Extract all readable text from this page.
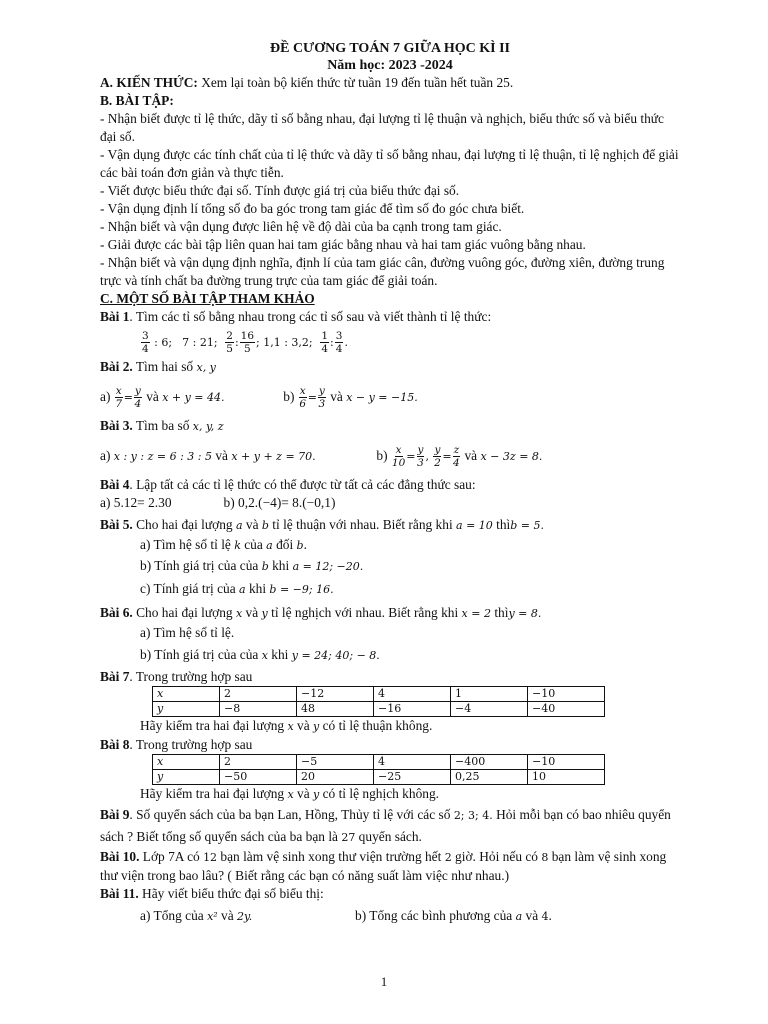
ĐỀ CƯƠNG TOÁN 7 GIỮA HỌC KÌ II
Năm học: 2023 -2024
A. KIẾN THỨC: Xem lại toàn bộ kiến thức từ tuần 19 đến tuần hết tuần 25.
B. BÀI TẬP:
- Nhận biết được tỉ lệ thức, dãy tỉ số bằng nhau, đại lượng tỉ lệ thuận và nghịch, biểu thức số và biểu thức đại số.
- Vận dụng được các tính chất của tỉ lệ thức và dãy tỉ số bằng nhau, đại lượng tỉ lệ thuận, tỉ lệ nghịch để giải các bài toán đơn giản và thực tiễn.
- Viết được biểu thức đại số. Tính được giá trị của biểu thức đại số.
- Vận dụng định lí tổng số đo ba góc trong tam giác để tìm số đo góc chưa biết.
- Nhận biết và vận dụng được liên hệ về độ dài của ba cạnh trong tam giác.
- Giải được các bài tập liên quan hai tam giác bằng nhau và hai tam giác vuông bằng nhau.
- Nhận biết và vận dụng định nghĩa, định lí của tam giác cân, đường vuông góc, đường xiên, đường trung trực và tính chất ba đường trung trực của tam giác để giải toán.
C. MỘT SỐ BÀI TẬP THAM KHẢO
Bài 1. Tìm các tỉ số bằng nhau trong các tỉ số sau và viết thành tỉ lệ thức:
$\frac{3}{4}$ : 6; 7 : 21; $\frac{2}{5}$ : $\frac{16}{5}$ ; 1,1 : 3,2; $\frac{1}{4}$ : $\frac{3}{4}$ .
Bài 2. Tìm hai số x, y
$a) \frac{x}{7} = \frac{y}{4}$ và x + y = 44.	$b) \frac{x}{6} = \frac{y}{3}$ và x − y = −15.
Bài 3. Tìm ba số x, y, z
a) x : y : z = 6 : 3 : 5 và x + y + z = 70.	$b) \frac{x}{10} = \frac{y}{3}$ , $\frac{y}{2} = \frac{z}{4}$ và x − 3z = 8.
Bài 4. Lập tất cả các tỉ lệ thức có thể được từ tất cả các đẳng thức sau:
a) 5.12= 2.30	b) 0,2.(−4)= 8.(−0,1)
Bài 5. Cho hai đại lượng a và b tỉ lệ thuận với nhau. Biết rằng khi a = 10 thìb = 5.
a) Tìm hệ số tỉ lệ k của a đối b.
b) Tính giá trị của của b khi a = 12; −20.
c) Tính giá trị của a khi b = −9; 16.
Bài 6. Cho hai đại lượng x và y tỉ lệ nghịch với nhau. Biết rằng khi x = 2 thìy = 8.
a) Tìm hệ số tỉ lệ.
b) Tính giá trị của của x khi y = 24; 40; − 8.
Bài 7. Trong trường hợp sau
x	2	−12	4	1	−10
y	−8	48	−16	−4	−40
Hãy kiểm tra hai đại lượng x và y có tỉ lệ thuận không.
Bài 8. Trong trường hợp sau
x	2	−5	4	−400	−10
y	−50	20	−25	0,25	10
Hãy kiểm tra hai đại lượng x và y có tỉ lệ nghịch không.
Bài 9. Số quyển sách của ba bạn Lan, Hồng, Thủy tỉ lệ với các số 2; 3; 4. Hỏi mỗi bạn có bao nhiêu quyển sách ? Biết tổng số quyển sách của ba bạn là 27 quyển sách.
Bài 10. Lớp 7A có 12 bạn làm vệ sinh xong thư viện trường hết 2 giờ. Hỏi nếu có 8 bạn làm vệ sinh xong thư viện trong bao lâu? ( Biết rằng các bạn có năng suất làm việc như nhau.)
Bài 11. Hãy viết biểu thức đại số biểu thị:
a) Tổng của x² và 2y.	b) Tổng các bình phương của a và 4.
1
